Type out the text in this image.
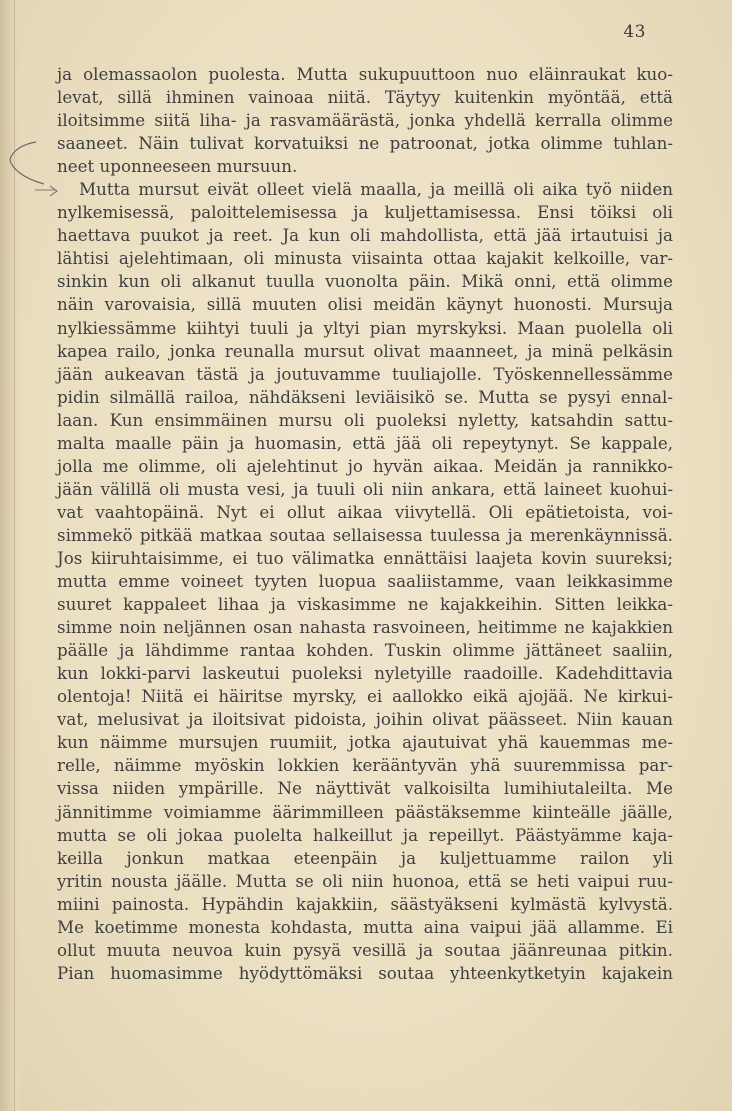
43
ja olemassaolon puolesta. Mutta sukupuuttoon nuo eläinraukat kuo-
levat, sillä ihminen vainoaa niitä. Täytyy kuitenkin myöntää, että
iloitsimme siitä liha- ja rasvamäärästä, jonka yhdellä kerralla olimme
saaneet. Näin tulivat korvatuiksi ne patroonat, jotka olimme tuhlan-
neet uponneeseen mursuun.
Mutta mursut eivät olleet vielä maalla, ja meillä oli aika työ niiden
nylkemisessä, paloittelemisessa ja kuljettamisessa. Ensi töiksi oli
haettava puukot ja reet. Ja kun oli mahdollista, että jää irtautuisi ja
lähtisi ajelehtimaan, oli minusta viisainta ottaa kajakit kelkoille, var-
sinkin kun oli alkanut tuulla vuonolta päin. Mikä onni, että olimme
näin varovaisia, sillä muuten olisi meidän käynyt huonosti. Mursuja
nylkiessämme kiihtyi tuuli ja yltyi pian myrskyksi. Maan puolella oli
kapea railo, jonka reunalla mursut olivat maanneet, ja minä pelkäsin
jään aukeavan tästä ja joutuvamme tuuliajolle. Työskennellessämme
pidin silmällä railoa, nähdäkseni leviäisikö se. Mutta se pysyi ennal-
laan. Kun ensimmäinen mursu oli puoleksi nyletty, katsahdin sattu-
malta maalle päin ja huomasin, että jää oli repeytynyt. Se kappale,
jolla me olimme, oli ajelehtinut jo hyvän aikaa. Meidän ja rannikko-
jään välillä oli musta vesi, ja tuuli oli niin ankara, että laineet kuohui-
vat vaahtopäinä. Nyt ei ollut aikaa viivytellä. Oli epätietoista, voi-
simmekö pitkää matkaa soutaa sellaisessa tuulessa ja merenkäynnissä.
Jos kiiruhtaisimme, ei tuo välimatka ennättäisi laajeta kovin suureksi;
mutta emme voineet tyyten luopua saaliistamme, vaan leikkasimme
suuret kappaleet lihaa ja viskasimme ne kajakkeihin. Sitten leikka-
simme noin neljännen osan nahasta rasvoineen, heitimme ne kajakkien
päälle ja lähdimme rantaa kohden. Tuskin olimme jättäneet saaliin,
kun lokki-parvi laskeutui puoleksi nyletyille raadoille. Kadehdittavia
olentoja! Niitä ei häiritse myrsky, ei aallokko eikä ajojää. Ne kirkui-
vat, melusivat ja iloitsivat pidoista, joihin olivat päässeet. Niin kauan
kun näimme mursujen ruumiit, jotka ajautuivat yhä kauemmas me-
relle, näimme myöskin lokkien kerääntyvän yhä suuremmissa par-
vissa niiden ympärille. Ne näyttivät valkoisilta lumihiutaleilta. Me
jännitimme voimiamme äärimmilleen päästäksemme kiinteälle jäälle,
mutta se oli jokaa puolelta halkeillut ja repeillyt. Päästyämme kaja-
keilla jonkun matkaa eteenpäin ja kuljettuamme railon yli
yritin nousta jäälle. Mutta se oli niin huonoa, että se heti vaipui ruu-
miini painosta. Hypähdin kajakkiin, säästyäkseni kylmästä kylvystä.
Me koetimme monesta kohdasta, mutta aina vaipui jää allamme. Ei
ollut muuta neuvoa kuin pysyä vesillä ja soutaa jäänreunaa pitkin.
Pian huomasimme hyödyttömäksi soutaa yhteenkytketyin kajakein
